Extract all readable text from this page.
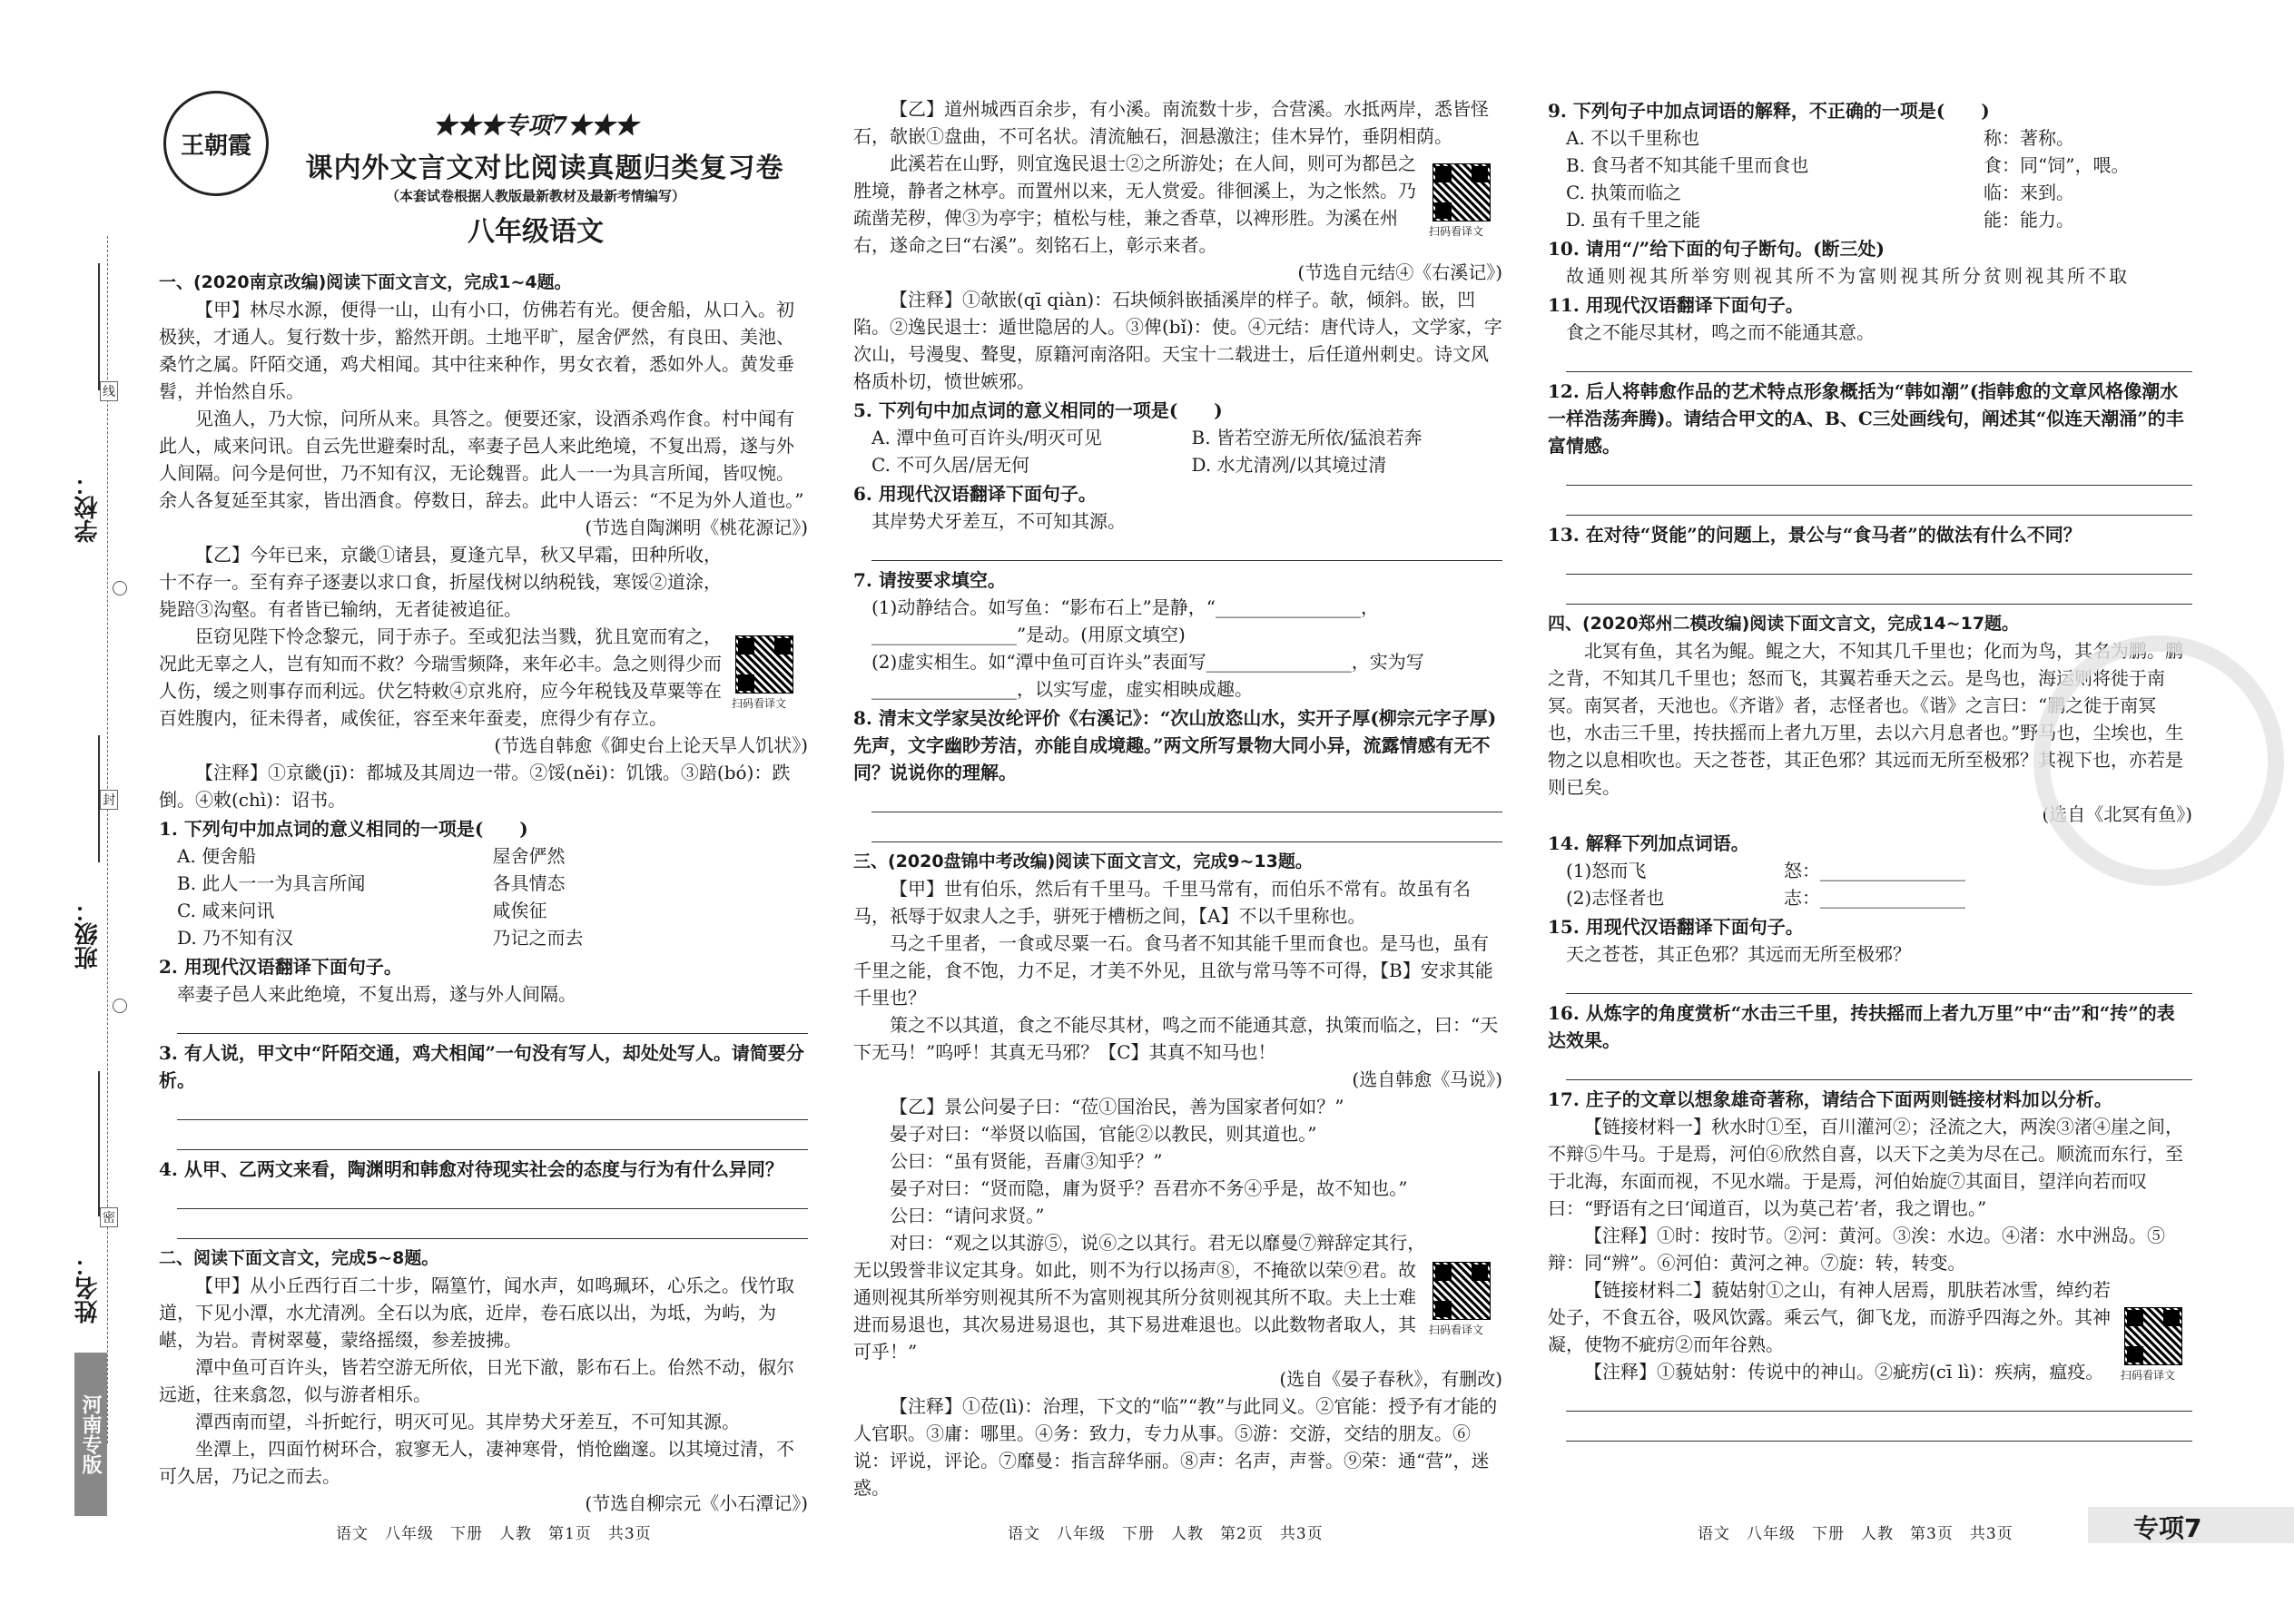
学校：
班级：
姓名：
线
封
密
河南专版
王朝霞
★★★专项7★★★
课内外文言文对比阅读真题归类复习卷
（本套试卷根据人教版最新教材及最新考情编写）
八年级语文

一、(2020南京改编)阅读下面文言文，完成1~4题。

【甲】林尽水源，便得一山，山有小口，仿佛若有光。便舍船，从口入。初极狭，才通人。复行数十步，豁然开朗。土地平旷，屋舍俨然，有良田、美池、桑竹之属。阡陌交通，鸡犬相闻。其中往来种作，男女衣着，悉如外人。黄发垂髫，并怡然自乐。

见渔人，乃大惊，问所从来。具答之。便要还家，设酒杀鸡作食。村中闻有此人，咸来问讯。自云先世避秦时乱，率妻子邑人来此绝境，不复出焉，遂与外人间隔。问今是何世，乃不知有汉，无论魏晋。此人一一为具言所闻，皆叹惋。余人各复延至其家，皆出酒食。停数日，辞去。此中人语云：“不足为外人道也。”

(节选自陶渊明《桃花源记》)

【乙】今年已来，京畿①诸县，夏逢亢旱，秋又早霜，田种所收，十不存一。至有弃子逐妻以求口食，折屋伐树以纳税钱，寒馁②道涂，毙踣③沟壑。有者皆已输纳，无者徒被追征。

臣窃见陛下怜念黎元，同于赤子。至或犯法当戮，犹且宽而宥之，况此无辜之人，岂有知而不救？今瑞雪频降，来年必丰。急之则得少而人伤，缓之则事存而利远。伏乞特敕④京兆府，应今年税钱及草粟等在百姓腹内，征未得者，咸俟征，容至来年蚕麦，庶得少有存立。

(节选自韩愈《御史台上论天旱人饥状》)

【注释】①京畿(jī)：都城及其周边一带。②馁(něi)：饥饿。③踣(bó)：跌倒。④敕(chì)：诏书。

1. 下列句中加点词的意义相同的一项是(　　)

A. 便舍船	屋舍俨然
B. 此人一一为具言所闻	各具情态
C. 咸来问讯	咸俟征
D. 乃不知有汉	乃记之而去

2. 用现代汉语翻译下面句子。

率妻子邑人来此绝境，不复出焉，遂与外人间隔。

3. 有人说，甲文中“阡陌交通，鸡犬相闻”一句没有写人，却处处写人。请简要分析。

4. 从甲、乙两文来看，陶渊明和韩愈对待现实社会的态度与行为有什么异同？

二、阅读下面文言文，完成5~8题。

【甲】从小丘西行百二十步，隔篁竹，闻水声，如鸣珮环，心乐之。伐竹取道，下见小潭，水尤清冽。全石以为底，近岸，卷石底以出，为坻，为屿，为嵁，为岩。青树翠蔓，蒙络摇缀，参差披拂。

潭中鱼可百许头，皆若空游无所依，日光下澈，影布石上。佁然不动，俶尔远逝，往来翕忽，似与游者相乐。

潭西南而望，斗折蛇行，明灭可见。其岸势犬牙差互，不可知其源。

坐潭上，四面竹树环合，寂寥无人，凄神寒骨，悄怆幽邃。以其境过清，不可久居，乃记之而去。

(节选自柳宗元《小石潭记》)

扫码看译文

【乙】道州城西百余步，有小溪。南流数十步，合营溪。水抵两岸，悉皆怪石，欹嵌①盘曲，不可名状。清流触石，洄悬激注；佳木异竹，垂阴相荫。

此溪若在山野，则宜逸民退士②之所游处；在人间，则可为都邑之胜境，静者之林亭。而置州以来，无人赏爱。徘徊溪上，为之怅然。乃疏凿芜秽，俾③为亭宇；植松与桂，兼之香草，以裨形胜。为溪在州右，遂命之曰“右溪”。刻铭石上，彰示来者。

(节选自元结④《右溪记》)

【注释】①欹嵌(qī qiàn)：石块倾斜嵌插溪岸的样子。欹，倾斜。嵌，凹陷。②逸民退士：遁世隐居的人。③俾(bǐ)：使。④元结：唐代诗人，文学家，字次山，号漫叟、聱叟，原籍河南洛阳。天宝十二载进士，后任道州刺史。诗文风格质朴切，愤世嫉邪。

5. 下列句中加点词的意义相同的一项是(　　)

A. 潭中鱼可百许头/明灭可见	B. 皆若空游无所依/猛浪若奔
C. 不可久居/居无何	D. 水尤清冽/以其境过清

6. 用现代汉语翻译下面句子。

其岸势犬牙差互，不可知其源。

7. 请按要求填空。

(1)动静结合。如写鱼：“影布石上”是静，“________________，________________”是动。(用原文填空)

(2)虚实相生。如“潭中鱼可百许头”表面写________________，实为写________________，以实写虚，虚实相映成趣。

8. 清末文学家吴汝纶评价《右溪记》：“次山放恣山水，实开子厚(柳宗元字子厚)先声，文字幽眇芳洁，亦能自成境趣。”两文所写景物大同小异，流露情感有无不同？说说你的理解。

三、(2020盘锦中考改编)阅读下面文言文，完成9~13题。

【甲】世有伯乐，然后有千里马。千里马常有，而伯乐不常有。故虽有名马，祇辱于奴隶人之手，骈死于槽枥之间，【A】不以千里称也。

马之千里者，一食或尽粟一石。食马者不知其能千里而食也。是马也，虽有千里之能，食不饱，力不足，才美不外见，且欲与常马等不可得，【B】安求其能千里也？

策之不以其道，食之不能尽其材，鸣之而不能通其意，执策而临之，曰：“天下无马！”呜呼！其真无马邪？【C】其真不知马也！

(选自韩愈《马说》)

【乙】景公问晏子曰：“莅①国治民，善为国家者何如？”

晏子对曰：“举贤以临国，官能②以教民，则其道也。”

公曰：“虽有贤能，吾庸③知乎？”

晏子对曰：“贤而隐，庸为贤乎？吾君亦不务④乎是，故不知也。”

公曰：“请问求贤。”

对曰：“观之以其游⑤，说⑥之以其行。君无以靡曼⑦辩辞定其行，无以毁誉非议定其身。如此，则不为行以扬声⑧，不掩欲以荣⑨君。故通则视其所举穷则视其所不为富则视其所分贫则视其所不取。夫上士难进而易退也，其次易进易退也，其下易进难退也。以此数物者取人，其可乎！”

(选自《晏子春秋》，有删改)

【注释】①莅(lì)：治理，下文的“临”“教”与此同义。②官能：授予有才能的人官职。③庸：哪里。④务：致力，专力从事。⑤游：交游，交结的朋友。⑥说：评说，评论。⑦靡曼：指言辞华丽。⑧声：名声，声誉。⑨荣：通“营”，迷惑。

扫码看译文
扫码看译文

9. 下列句子中加点词语的解释，不正确的一项是(　　)

A. 不以千里称也	称：著称。
B. 食马者不知其能千里而食也	食：同“饲”，喂。
C. 执策而临之	临：来到。
D. 虽有千里之能	能：能力。

10. 请用“/”给下面的句子断句。(断三处)

故通则视其所举穷则视其所不为富则视其所分贫则视其所不取

11. 用现代汉语翻译下面句子。

食之不能尽其材，鸣之而不能通其意。

12. 后人将韩愈作品的艺术特点形象概括为“韩如潮”(指韩愈的文章风格像潮水一样浩荡奔腾)。请结合甲文的A、B、C三处画线句，阐述其“似连天潮涌”的丰富情感。

13. 在对待“贤能”的问题上，景公与“食马者”的做法有什么不同？

四、(2020郑州二模改编)阅读下面文言文，完成14~17题。

北冥有鱼，其名为鲲。鲲之大，不知其几千里也；化而为鸟，其名为鹏。鹏之背，不知其几千里也；怒而飞，其翼若垂天之云。是鸟也，海运则将徙于南冥。南冥者，天池也。《齐谐》者，志怪者也。《谐》之言曰：“鹏之徙于南冥也，水击三千里，抟扶摇而上者九万里，去以六月息者也。”野马也，尘埃也，生物之以息相吹也。天之苍苍，其正色邪？其远而无所至极邪？其视下也，亦若是则已矣。

(选自《北冥有鱼》)

14. 解释下列加点词语。

(1)怒而飞	怒：________________
(2)志怪者也	志：________________

15. 用现代汉语翻译下面句子。

天之苍苍，其正色邪？其远而无所至极邪？

16. 从炼字的角度赏析“水击三千里，抟扶摇而上者九万里”中“击”和“抟”的表达效果。

17. 庄子的文章以想象雄奇著称，请结合下面两则链接材料加以分析。

【链接材料一】秋水时①至，百川灌河②；泾流之大，两涘③渚④崖之间，不辩⑤牛马。于是焉，河伯⑥欣然自喜，以天下之美为尽在己。顺流而东行，至于北海，东面而视，不见水端。于是焉，河伯始旋⑦其面目，望洋向若而叹曰：“野语有之曰‘闻道百，以为莫己若’者，我之谓也。”

【注释】①时：按时节。②河：黄河。③涘：水边。④渚：水中洲岛。⑤辩：同“辨”。⑥河伯：黄河之神。⑦旋：转，转变。

【链接材料二】藐姑射①之山，有神人居焉，肌肤若冰雪，绰约若处子，不食五谷，吸风饮露。乘云气，御飞龙，而游乎四海之外。其神凝，使物不疵疠②而年谷熟。

【注释】①藐姑射：传说中的神山。②疵疠(cī lì)：疾病，瘟疫。	扫码看译文
语文　八年级　下册　人教　第1页　共3页	语文　八年级　下册　人教　第2页　共3页	语文　八年级　下册　人教　第3页　共3页	专项7
